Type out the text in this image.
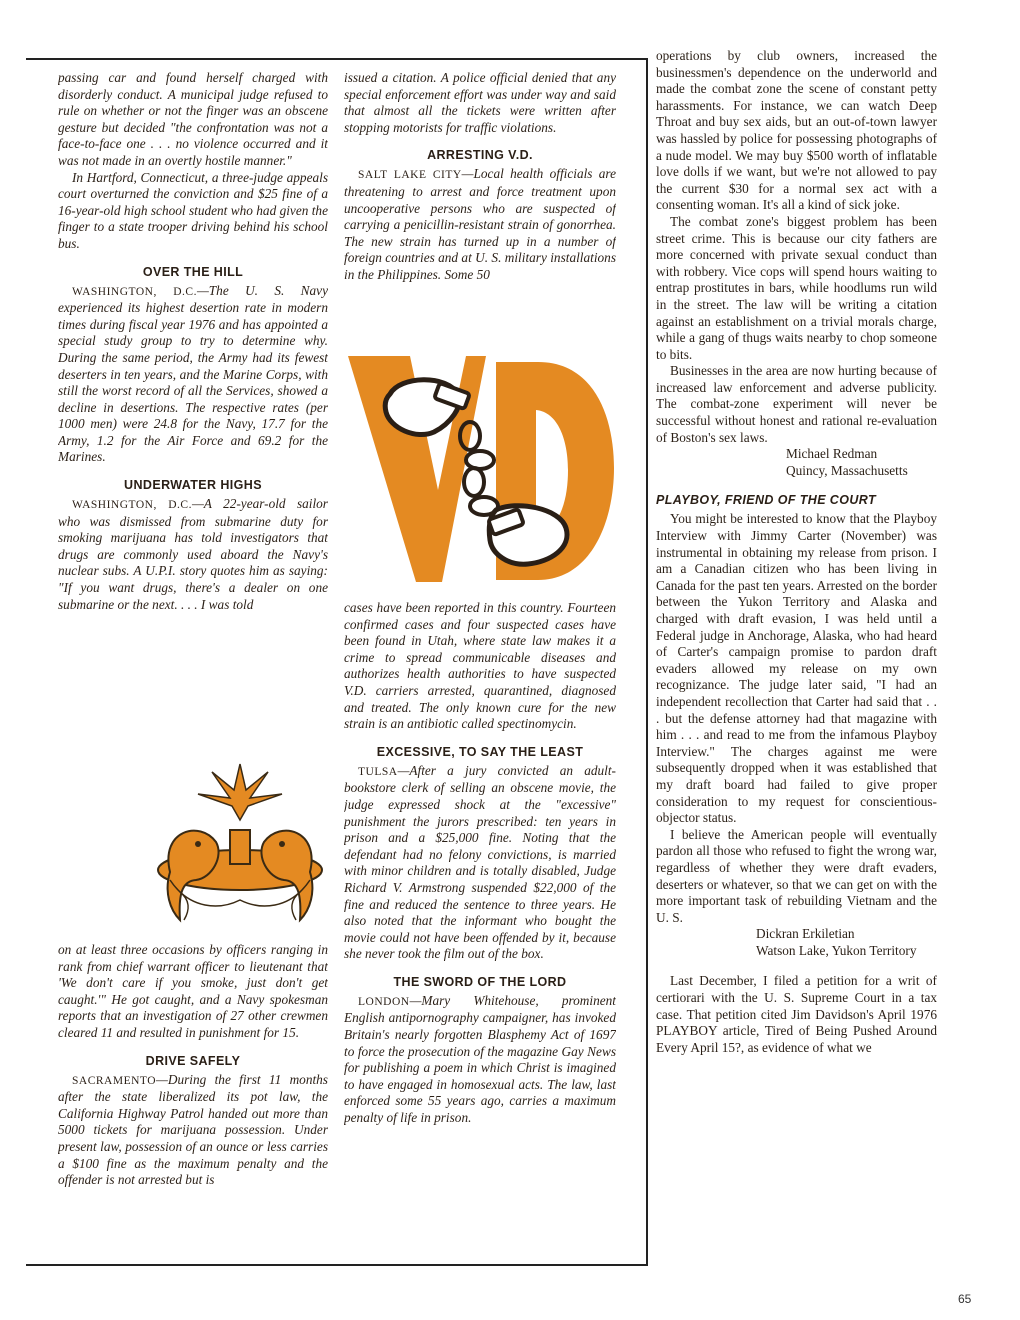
passing car and found herself charged with disorderly conduct. A municipal judge refused to rule on whether or not the finger was an obscene gesture but decided "the confrontation was not a face-to-face one . . . no violence occurred and it was not made in an overtly hostile manner."

In Hartford, Connecticut, a three-judge appeals court overturned the conviction and $25 fine of a 16-year-old high school student who had given the finger to a state trooper driving behind his school bus.

OVER THE HILL

WASHINGTON, D.C.—The U. S. Navy experienced its highest desertion rate in modern times during fiscal year 1976 and has appointed a special study group to try to determine why. During the same period, the Army had its fewest deserters in ten years, and the Marine Corps, with still the worst record of all the Services, showed a decline in desertions. The respective rates (per 1000 men) were 24.8 for the Navy, 17.7 for the Army, 1.2 for the Air Force and 69.2 for the Marines.

UNDERWATER HIGHS

WASHINGTON, D.C.—A 22-year-old sailor who was dismissed from submarine duty for smoking marijuana has told investigators that drugs are commonly used aboard the Navy's nuclear subs. A U.P.I. story quotes him as saying: "If you want drugs, there's a dealer on one submarine or the next. . . . I was told

on at least three occasions by officers ranging in rank from chief warrant officer to lieutenant that 'We don't care if you smoke, just don't get caught.'" He got caught, and a Navy spokesman reports that an investigation of 27 other crewmen cleared 11 and resulted in punishment for 15.

DRIVE SAFELY

SACRAMENTO—During the first 11 months after the state liberalized its pot law, the California Highway Patrol handed out more than 5000 tickets for marijuana possession. Under present law, possession of an ounce or less carries a $100 fine as the maximum penalty and the offender is not arrested but is

issued a citation. A police official denied that any special enforcement effort was under way and said that almost all the tickets were written after stopping motorists for traffic violations.

ARRESTING V.D.

SALT LAKE CITY—Local health officials are threatening to arrest and force treatment upon uncooperative persons who are suspected of carrying a penicillin-resistant strain of gonorrhea. The new strain has turned up in a number of foreign countries and at U. S. military installations in the Philippines. Some 50

cases have been reported in this country. Fourteen confirmed cases and four suspected cases have been found in Utah, where state law makes it a crime to spread communicable diseases and authorizes health authorities to have suspected V.D. carriers arrested, quarantined, diagnosed and treated. The only known cure for the new strain is an antibiotic called spectinomycin.

EXCESSIVE, TO SAY THE LEAST

TULSA—After a jury convicted an adult-bookstore clerk of selling an obscene movie, the judge expressed shock at the "excessive" punishment the jurors prescribed: ten years in prison and a $25,000 fine. Noting that the defendant had no felony convictions, is married with minor children and is totally disabled, Judge Richard V. Armstrong suspended $22,000 of the fine and reduced the sentence to three years. He also noted that the informant who bought the movie could not have been offended by it, because she never took the film out of the box.

THE SWORD OF THE LORD

LONDON—Mary Whitehouse, prominent English antipornography campaigner, has invoked Britain's nearly forgotten Blasphemy Act of 1697 to force the prosecution of the magazine Gay News for publishing a poem in which Christ is imagined to have engaged in homosexual acts. The law, last enforced some 55 years ago, carries a maximum penalty of life in prison.

operations by club owners, increased the businessmen's dependence on the underworld and made the combat zone the scene of constant petty harassments. For instance, we can watch Deep Throat and buy sex aids, but an out-of-town lawyer was hassled by police for possessing photographs of a nude model. We may buy $500 worth of inflatable love dolls if we want, but we're not allowed to pay the current $30 for a normal sex act with a consenting woman. It's all a kind of sick joke.

The combat zone's biggest problem has been street crime. This is because our city fathers are more concerned with private sexual conduct than with robbery. Vice cops will spend hours waiting to entrap prostitutes in bars, while hoodlums run wild in the street. The law will be writing a citation against an establishment on a trivial morals charge, while a gang of thugs waits nearby to chop someone to bits.

Businesses in the area are now hurting because of increased law enforcement and adverse publicity. The combat-zone experiment will never be successful without honest and rational re-evaluation of Boston's sex laws.

Michael Redman
Quincy, Massachusetts
PLAYBOY, FRIEND OF THE COURT

You might be interested to know that the Playboy Interview with Jimmy Carter (November) was instrumental in obtaining my release from prison. I am a Canadian citizen who has been living in Canada for the past ten years. Arrested on the border between the Yukon Territory and Alaska and charged with draft evasion, I was held until a Federal judge in Anchorage, Alaska, who had heard of Carter's campaign promise to pardon draft evaders allowed my release on my own recognizance. The judge later said, "I had an independent recollection that Carter had said that . . . but the defense attorney had that magazine with him . . . and read to me from the infamous Playboy Interview." The charges against me were subsequently dropped when it was established that my draft board had failed to give proper consideration to my request for conscientious-objector status.

I believe the American people will eventually pardon all those who refused to fight the wrong war, regardless of whether they were draft evaders, deserters or whatever, so that we can get on with the more important task of rebuilding Vietnam and the U. S.

Dickran Erkiletian
Watson Lake, Yukon Territory

Last December, I filed a petition for a writ of certiorari with the U. S. Supreme Court in a tax case. That petition cited Jim Davidson's April 1976 PLAYBOY article, Tired of Being Pushed Around Every April 15?, as evidence of what we

65
